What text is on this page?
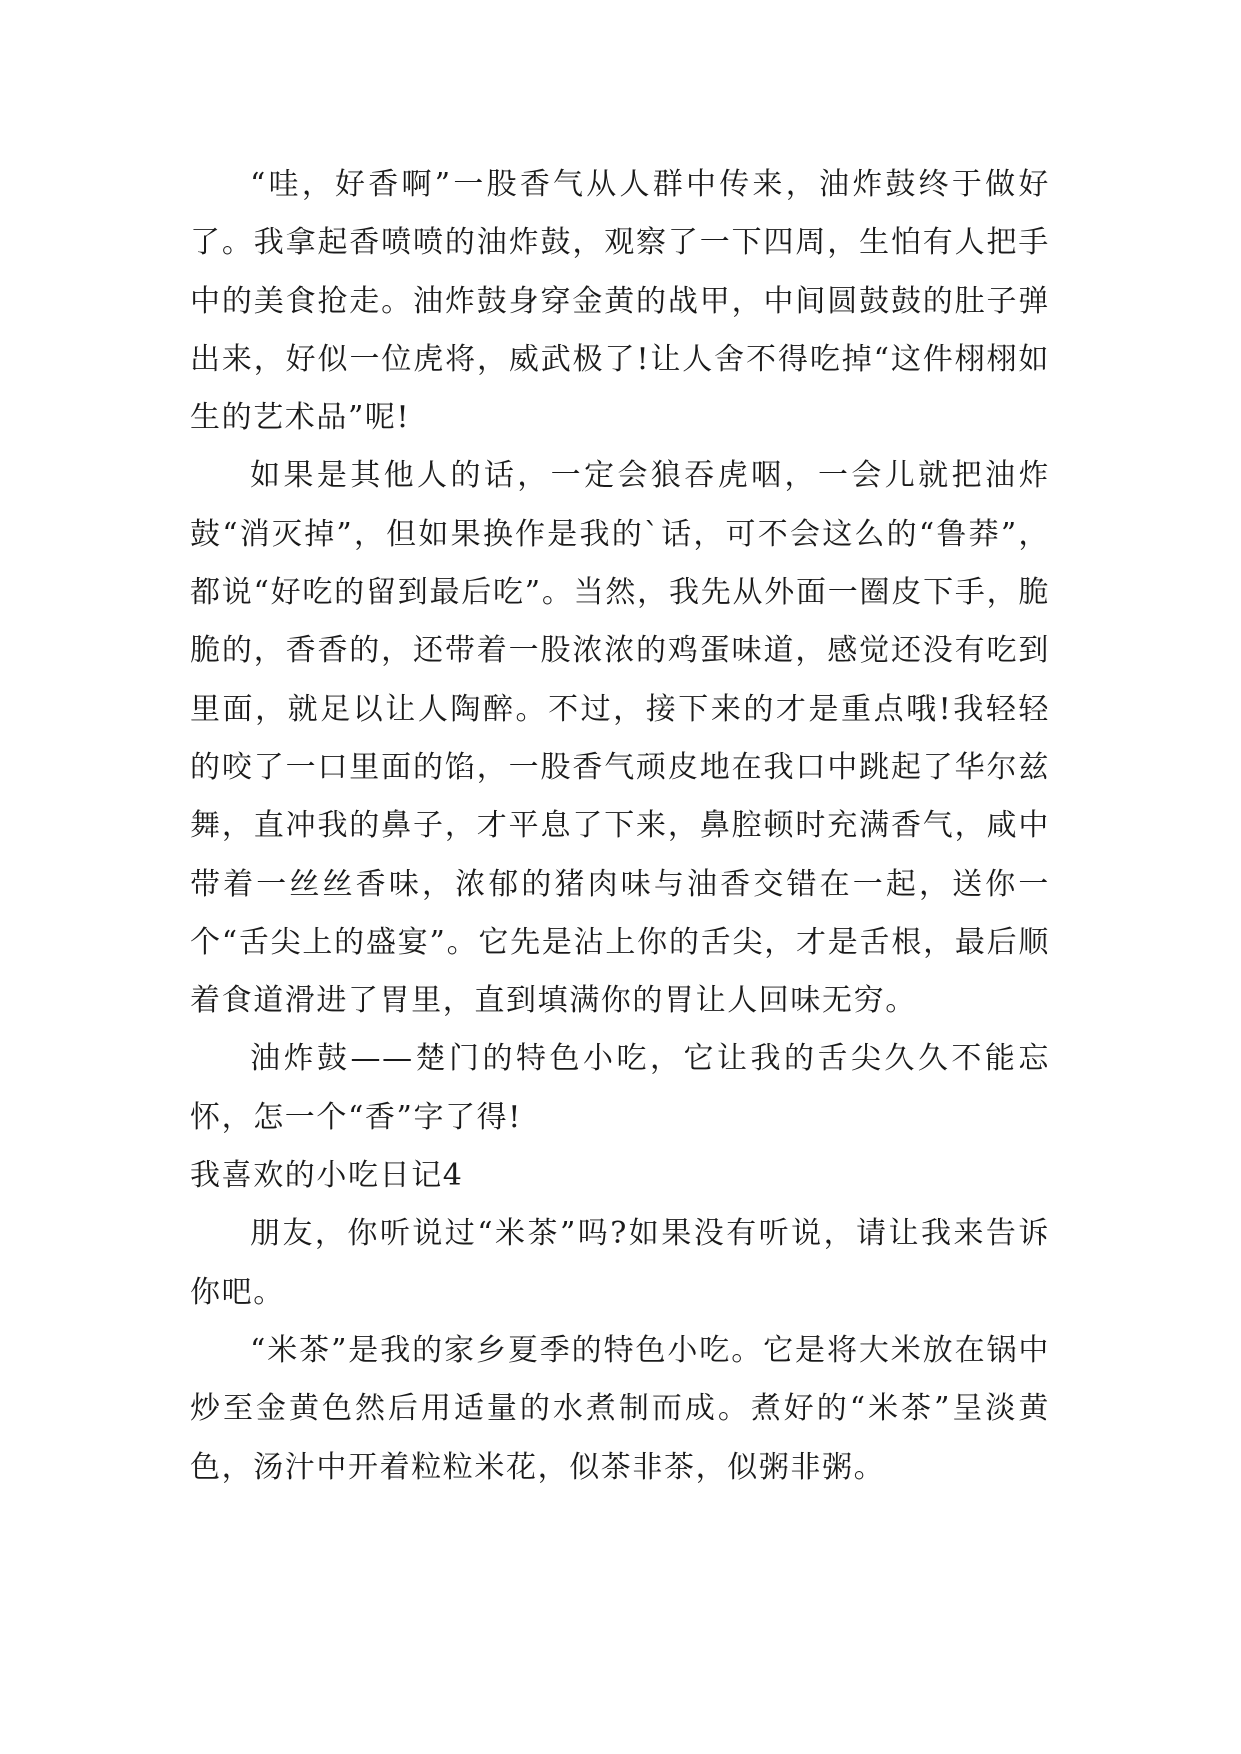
“哇，好香啊”一股香气从人群中传来，油炸鼓终于做好了。我拿起香喷喷的油炸鼓，观察了一下四周，生怕有人把手中的美食抢走。油炸鼓身穿金黄的战甲，中间圆鼓鼓的肚子弹出来，好似一位虎将，威武极了!让人舍不得吃掉“这件栩栩如生的艺术品”呢!

如果是其他人的话，一定会狼吞虎咽，一会儿就把油炸鼓“消灭掉”，但如果换作是我的`话，可不会这么的“鲁莽”，都说“好吃的留到最后吃”。当然，我先从外面一圈皮下手，脆脆的，香香的，还带着一股浓浓的鸡蛋味道，感觉还没有吃到里面，就足以让人陶醉。不过，接下来的才是重点哦!我轻轻的咬了一口里面的馅，一股香气顽皮地在我口中跳起了华尔兹舞，直冲我的鼻子，才平息了下来，鼻腔顿时充满香气，咸中带着一丝丝香味，浓郁的猪肉味与油香交错在一起，送你一个“舌尖上的盛宴”。它先是沾上你的舌尖，才是舌根，最后顺着食道滑进了胃里，直到填满你的胃让人回味无穷。

油炸鼓——楚门的特色小吃，它让我的舌尖久久不能忘怀，怎一个“香”字了得!

我喜欢的小吃日记4

朋友，你听说过“米茶”吗?如果没有听说，请让我来告诉你吧。

“米茶”是我的家乡夏季的特色小吃。它是将大米放在锅中炒至金黄色然后用适量的水煮制而成。煮好的“米茶”呈淡黄色，汤汁中开着粒粒米花，似茶非茶，似粥非粥。
